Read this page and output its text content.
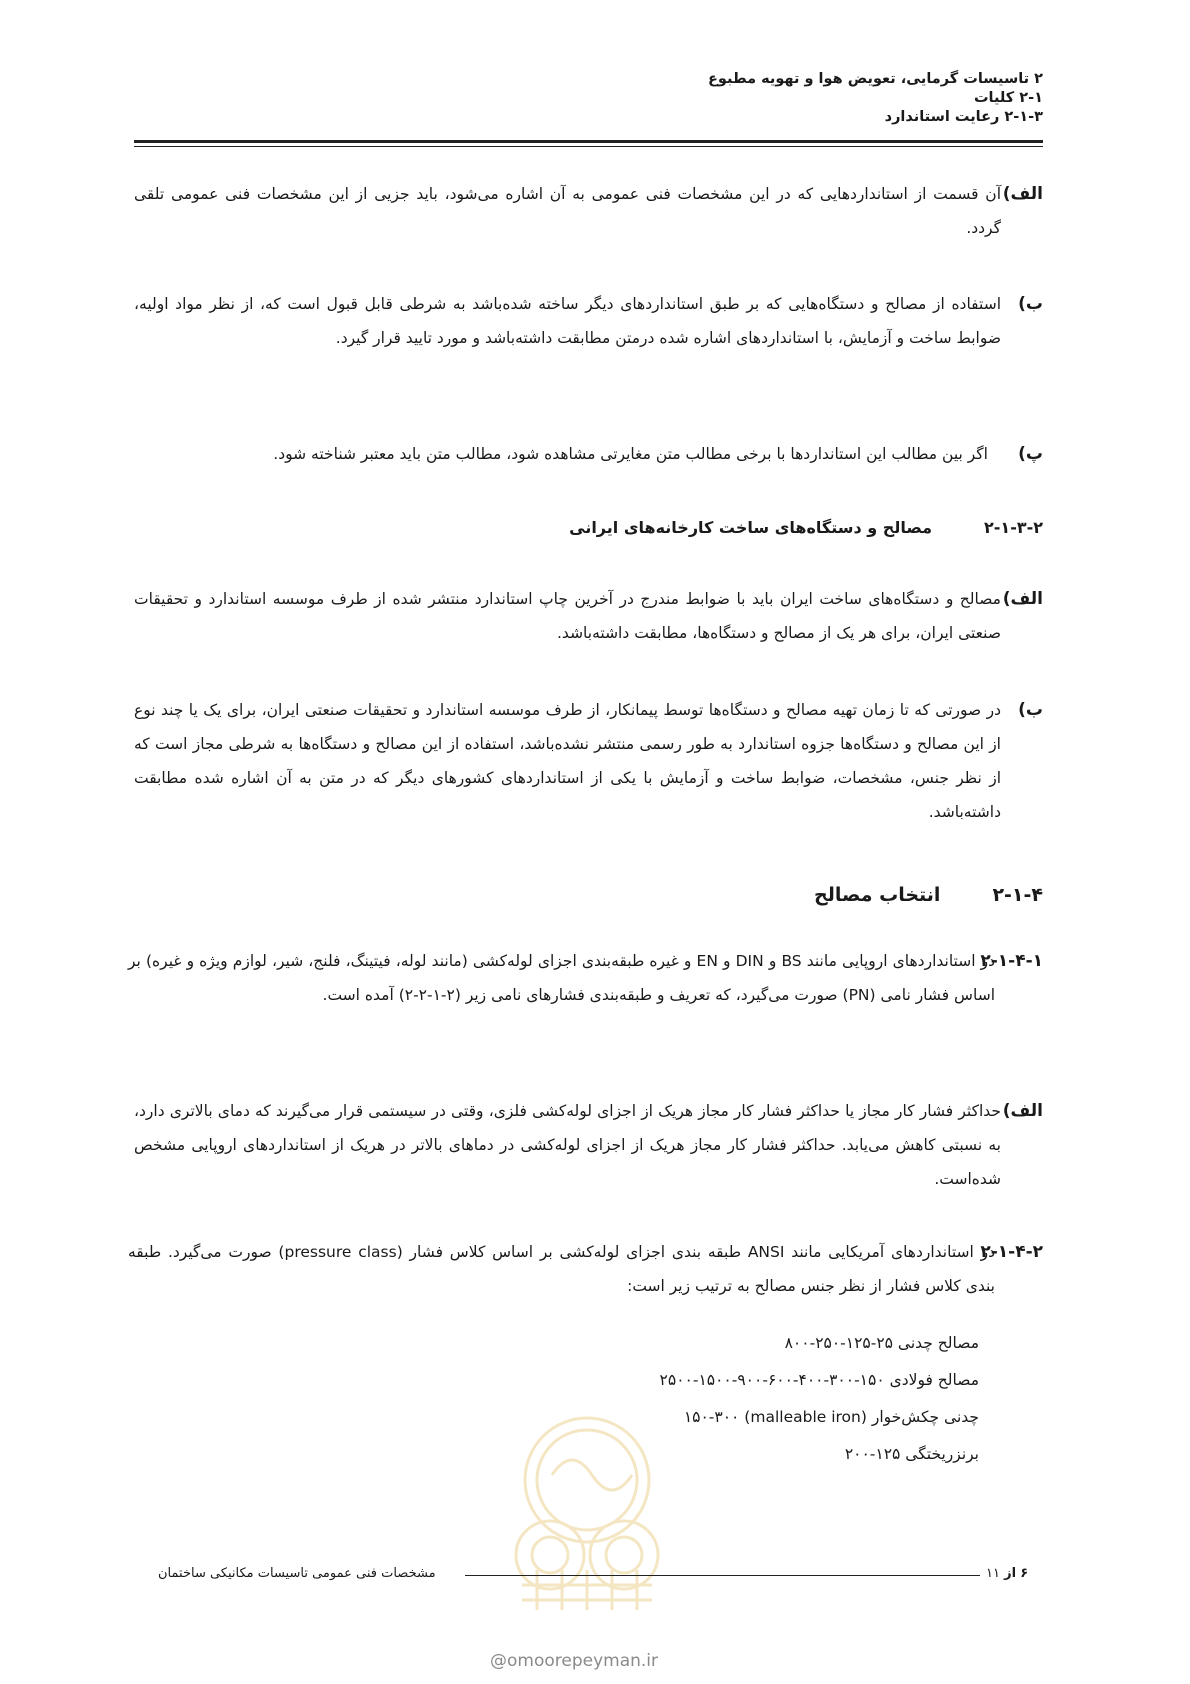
۲ تاسیسات گرمایی، تعویض هوا و تهویه مطبوع
۲-۱ کلیات
۲-۱-۳ رعایت استاندارد
الف)
آن قسمت از استانداردهایی که در این مشخصات فنی عمومی به آن اشاره می‌شود، باید جزیی از این مشخصات فنی عمومی تلقی گردد.
ب)
استفاده از مصالح و دستگاه‌هایی که بر طبق استانداردهای دیگر ساخته شده‌باشد به شرطی قابل قبول است که، از نظر مواد اولیه، ضوابط ساخت و آزمایش، با استانداردهای اشاره شده درمتن مطابقت داشته‌باشد و مورد تایید قرار گیرد.
پ)
اگر بین مطالب این استانداردها با برخی مطالب متن مغایرتی مشاهده شود، مطالب متن باید معتبر شناخته شود.
۲-۱-۳-۲مصالح و دستگاه‌های ساخت کارخانه‌های ایرانی
الف)
مصالح و دستگاه‌های ساخت ایران باید با ضوابط مندرج در آخرین چاپ استاندارد منتشر شده از طرف موسسه استاندارد و تحقیقات صنعتی ایران، برای هر یک از مصالح و دستگاه‌ها، مطابقت داشته‌باشد.
ب)
در صورتی که تا زمان تهیه مصالح و دستگاه‌ها توسط پیمانکار، از طرف موسسه استاندارد و تحقیقات صنعتی ایران، برای یک یا چند نوع از این مصالح و دستگاه‌ها جزوه استاندارد به طور رسمی منتشر نشده‌باشد، استفاده از این مصالح و دستگاه‌ها به شرطی مجاز است که از نظر جنس، مشخصات، ضوابط ساخت و آزمایش با یکی از استانداردهای کشورهای دیگر که در متن به آن اشاره شده مطابقت داشته‌باشد.
۲-۱-۴انتخاب مصالح
۲-۱-۴-۱
در استانداردهای اروپایی مانند BS و DIN و EN و غیره طبقه‌بندی اجزای لوله‌کشی (مانند لوله، فیتینگ، فلنج، شیر، لوازم ویژه و غیره) بر اساس فشار نامی (PN) صورت می‌گیرد، که تعریف و طبقه‌بندی فشارهای نامی زیر (۲-۱-۲-۲) آمده است.
الف)
حداکثر فشار کار مجاز یا حداکثر فشار کار مجاز هریک از اجزای لوله‌کشی فلزی، وقتی در سیستمی قرار می‌گیرند که دمای بالاتری دارد، به نسبتی کاهش می‌یابد. حداکثر فشار کار مجاز هریک از اجزای لوله‌کشی در دماهای بالاتر در هریک از استانداردهای اروپایی مشخص شده‌است.
۲-۱-۴-۲
در استانداردهای آمریکایی مانند ANSI طبقه بندی اجزای لوله‌کشی بر اساس کلاس فشار (pressure class) صورت می‌گیرد. طبقه بندی کلاس فشار از نظر جنس مصالح به ترتیب زیر است:
مصالح چدنی ۲۵-۱۲۵-۲۵۰-۸۰۰
مصالح فولادی ۱۵۰-۳۰۰-۴۰۰-۶۰۰-۹۰۰-۱۵۰۰-۲۵۰۰
چدنی چکش‌خوار (malleable iron) ۱۵۰-۳۰۰
برنزریختگی ۱۲۵-۲۰۰
۶ از ۱۱
مشخصات فنی عمومی تاسیسات مکانیکی ساختمان
@omoorepeyman.ir
